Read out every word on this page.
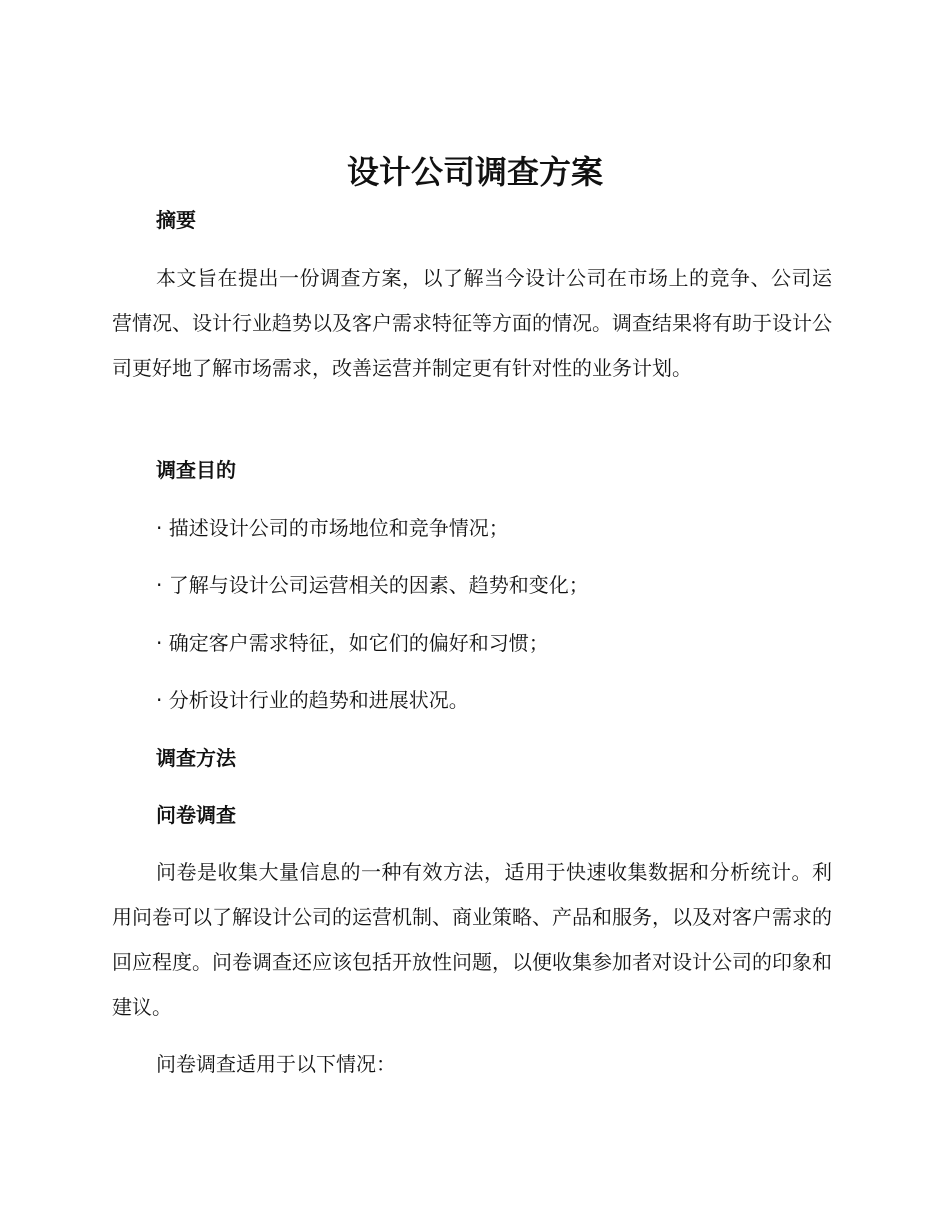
设计公司调查方案

摘要

本文旨在提出一份调查方案，以了解当今设计公司在市场上的竞争、公司运营情况、设计行业趋势以及客户需求特征等方面的情况。调查结果将有助于设计公司更好地了解市场需求，改善运营并制定更有针对性的业务计划。

调查目的

· 描述设计公司的市场地位和竞争情况；

· 了解与设计公司运营相关的因素、趋势和变化；

· 确定客户需求特征，如它们的偏好和习惯；

· 分析设计行业的趋势和进展状况。

调查方法

问卷调查

问卷是收集大量信息的一种有效方法，适用于快速收集数据和分析统计。利用问卷可以了解设计公司的运营机制、商业策略、产品和服务，以及对客户需求的回应程度。问卷调查还应该包括开放性问题，以便收集参加者对设计公司的印象和建议。

问卷调查适用于以下情况：
